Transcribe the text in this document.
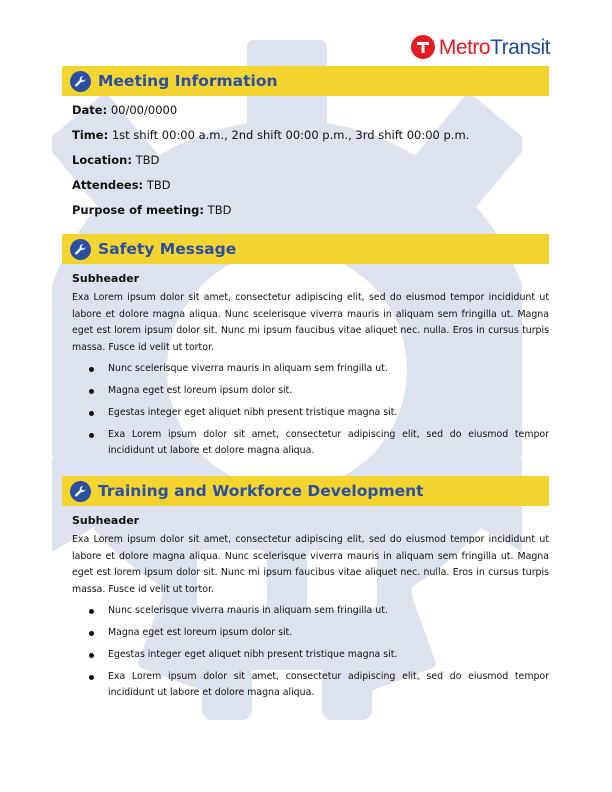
MetroTransit
Meeting Information
Date: 00/00/0000
Time: 1st shift 00:00 a.m., 2nd shift 00:00 p.m., 3rd shift 00:00 p.m.
Location: TBD
Attendees: TBD
Purpose of meeting: TBD
Safety Message
Subheader
Exa Lorem ipsum dolor sit amet, consectetur adipiscing elit, sed do eiusmod tempor incididunt ut labore et dolore magna aliqua. Nunc scelerisque viverra mauris in aliquam sem fringilla ut. Magna eget est lorem ipsum dolor sit. Nunc mi ipsum faucibus vitae aliquet nec. nulla. Eros in cursus turpis massa. Fusce id velit ut tortor.
Nunc scelerisque viverra mauris in aliquam sem fringilla ut.
Magna eget est loreum ipsum dolor sit.
Egestas integer eget aliquet nibh present tristique magna sit.
Exa Lorem ipsum dolor sit amet, consectetur adipiscing elit, sed do eiusmod tempor incididunt ut labore et dolore magna aliqua.
Training and Workforce Development
Subheader
Exa Lorem ipsum dolor sit amet, consectetur adipiscing elit, sed do eiusmod tempor incididunt ut labore et dolore magna aliqua. Nunc scelerisque viverra mauris in aliquam sem fringilla ut. Magna eget est lorem ipsum dolor sit. Nunc mi ipsum faucibus vitae aliquet nec. nulla. Eros in cursus turpis massa. Fusce id velit ut tortor.
Nunc scelerisque viverra mauris in aliquam sem fringilla ut.
Magna eget est loreum ipsum dolor sit.
Egestas integer eget aliquet nibh present tristique magna sit.
Exa Lorem ipsum dolor sit amet, consectetur adipiscing elit, sed do eiusmod tempor incididunt ut labore et dolore magna aliqua.
